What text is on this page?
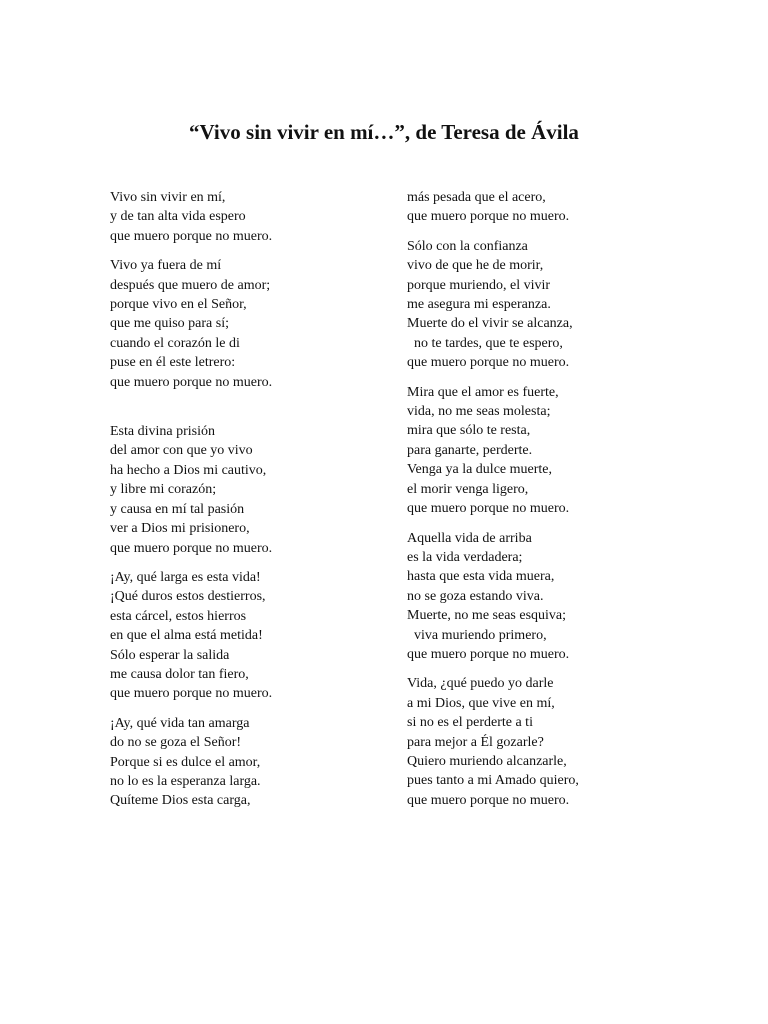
“Vivo sin vivir en mí…”, de Teresa de Ávila
Vivo sin vivir en mí,
y de tan alta vida espero
que muero porque no muero.
Vivo ya fuera de mí
después que muero de amor;
porque vivo en el Señor,
que me quiso para sí;
cuando el corazón le di
puse en él este letrero:
que muero porque no muero.
Esta divina prisión
del amor con que yo vivo
ha hecho a Dios mi cautivo,
y libre mi corazón;
y causa en mí tal pasión
ver a Dios mi prisionero,
que muero porque no muero.
¡Ay, qué larga es esta vida!
¡Qué duros estos destierros,
esta cárcel, estos hierros
en que el alma está metida!
Sólo esperar la salida
me causa dolor tan fiero,
que muero porque no muero.
¡Ay, qué vida tan amarga
do no se goza el Señor!
Porque si es dulce el amor,
no lo es la esperanza larga.
Quíteme Dios esta carga,
más pesada que el acero,
que muero porque no muero.
Sólo con la confianza
vivo de que he de morir,
porque muriendo, el vivir
me asegura mi esperanza.
Muerte do el vivir se alcanza,
no te tardes, que te espero,
que muero porque no muero.
Mira que el amor es fuerte,
vida, no me seas molesta;
mira que sólo te resta,
para ganarte, perderte.
Venga ya la dulce muerte,
el morir venga ligero,
que muero porque no muero.
Aquella vida de arriba
es la vida verdadera;
hasta que esta vida muera,
no se goza estando viva.
Muerte, no me seas esquiva;
viva muriendo primero,
que muero porque no muero.
Vida, ¿qué puedo yo darle
a mi Dios, que vive en mí,
si no es el perderte a ti
para mejor a Él gozarle?
Quiero muriendo alcanzarle,
pues tanto a mi Amado quiero,
que muero porque no muero.
